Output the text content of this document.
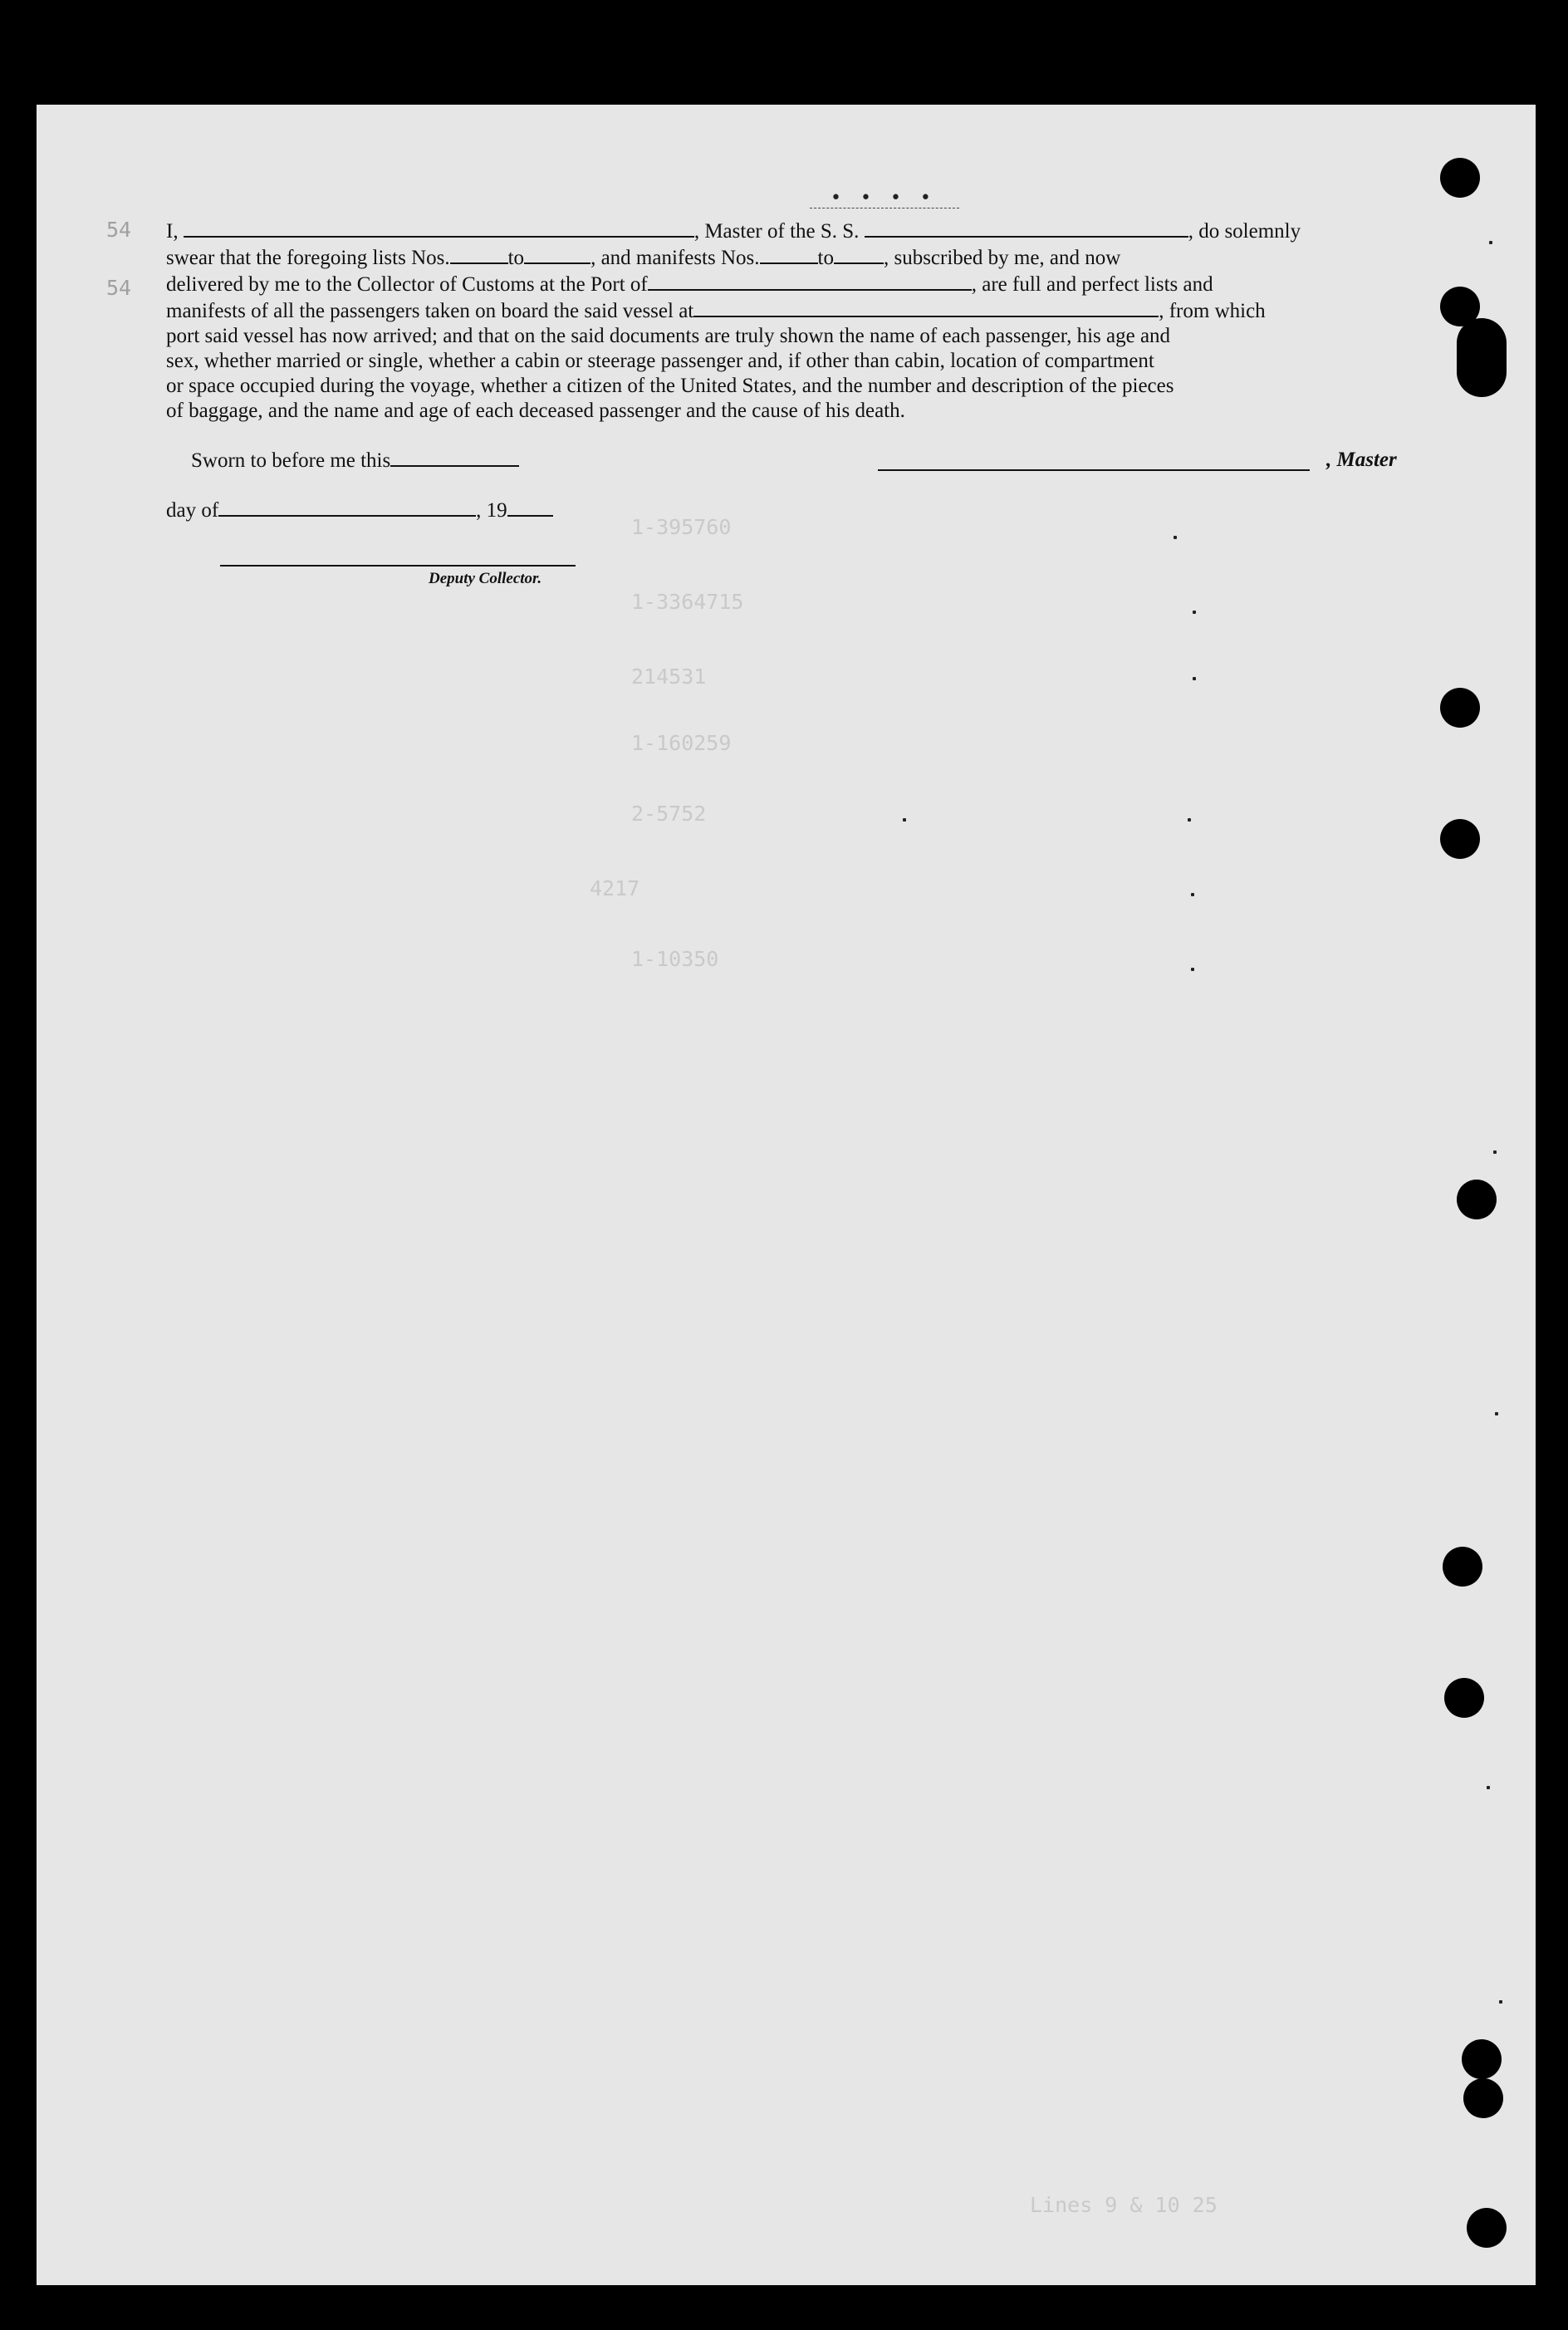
• • • •

I,	, Master of the S. S.	, do solemnly

swear that the foregoing lists Nos.	to	, and manifests Nos.	to , subscribed by me, and now

delivered by me to the Collector of Customs at the Port of	, are full and perfect lists and

manifests of all the passengers taken on board the said vessel at	, from which

port said vessel has now arrived; and that on the said documents are truly shown the name of each passenger, his age and

sex, whether married or single, whether a cabin or steerage passenger and, if other than cabin, location of compartment

or space occupied during the voyage, whether a citizen of the United States, and the number and description of the pieces

of baggage, and the name and age of each deceased passenger and the cause of his death.

Sworn to before me this	, Master
day of	, 19
Deputy Collector.
54
54
1-395760
1-3364715
214531
1-160259
2-5752
4217
1-10350
Lines 9 & 10 25
